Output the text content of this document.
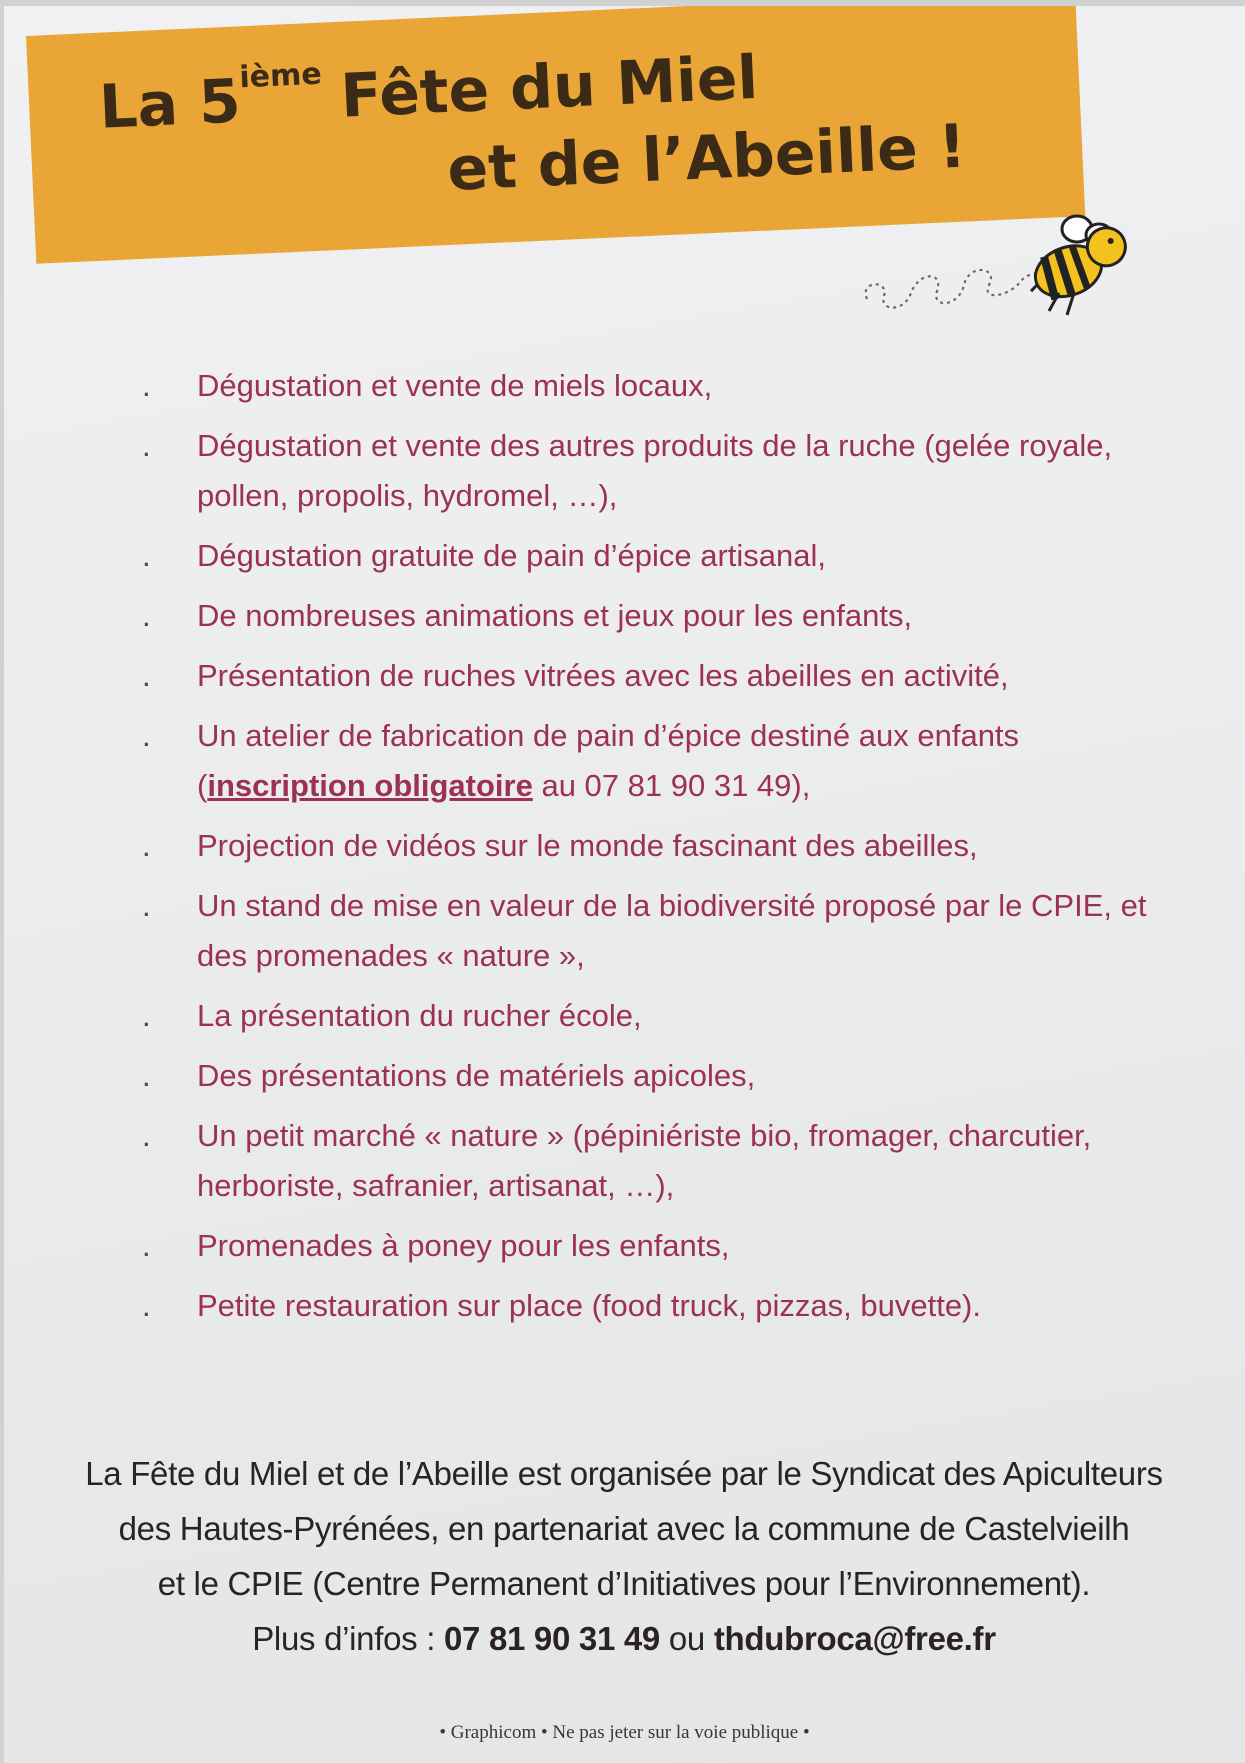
La 5ième Fête du Miel
et de l’Abeille !
. Dégustation et vente de miels locaux,
. Dégustation et vente des autres produits de la ruche (gelée royale, pollen, propolis, hydromel, …),
. Dégustation gratuite de pain d’épice artisanal,
. De nombreuses animations et jeux pour les enfants,
. Présentation de ruches vitrées avec les abeilles en activité,
. Un atelier de fabrication de pain d’épice destiné aux enfants (inscription obligatoire au 07 81 90 31 49),
. Projection de vidéos sur le monde fascinant des abeilles,
. Un stand de mise en valeur de la biodiversité proposé par le CPIE, et des promenades « nature »,
. La présentation du rucher école,
. Des présentations de matériels apicoles,
. Un petit marché « nature » (pépiniériste bio, fromager, charcutier, herboriste, safranier, artisanat, …),
. Promenades à poney pour les enfants,
. Petite restauration sur place (food truck, pizzas, buvette).
La Fête du Miel et de l’Abeille est organisée par le Syndicat des Apiculteurs
des Hautes-Pyrénées, en partenariat avec la commune de Castelvieilh
et le CPIE (Centre Permanent d’Initiatives pour l’Environnement).
Plus d’infos : 07 81 90 31 49 ou thdubroca@free.fr
• Graphicom • Ne pas jeter sur la voie publique •
